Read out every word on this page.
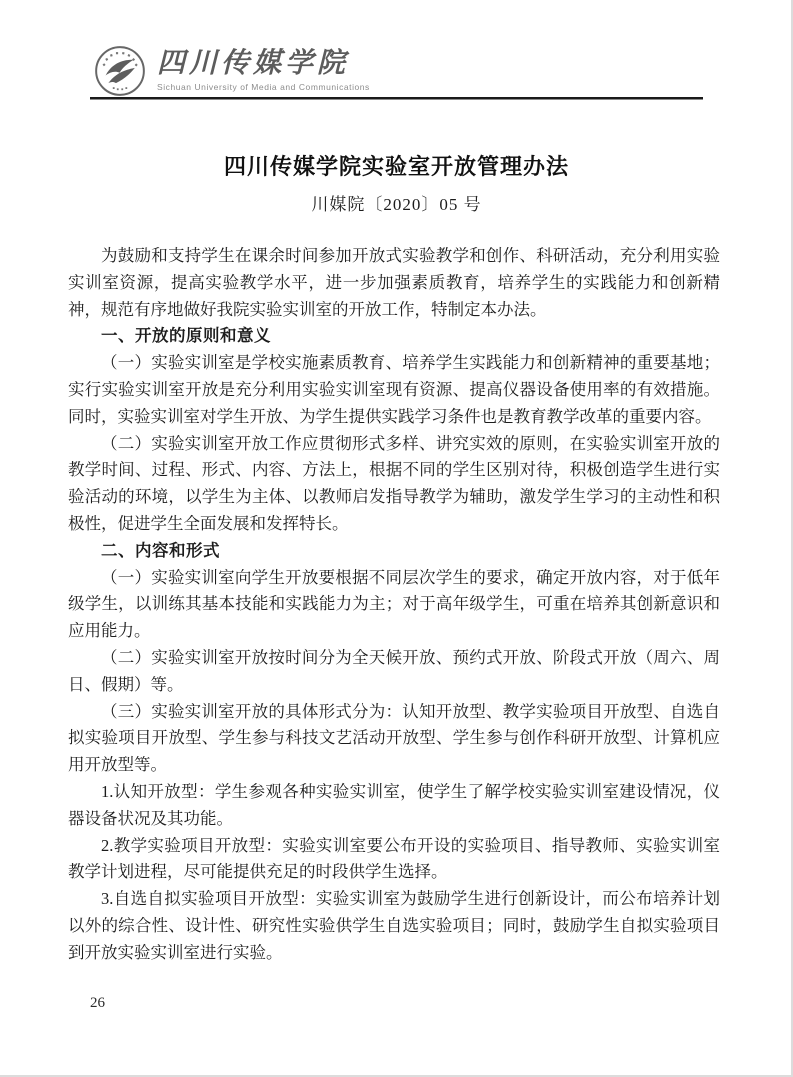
四川传媒学院
Sichuan University of Media and Communications
四川传媒学院实验室开放管理办法
川媒院〔2020〕05 号

为鼓励和支持学生在课余时间参加开放式实验教学和创作、科研活动，充分利用实验实训室资源，提高实验教学水平，进一步加强素质教育，培养学生的实践能力和创新精神，规范有序地做好我院实验实训室的开放工作，特制定本办法。

一、开放的原则和意义

（一）实验实训室是学校实施素质教育、培养学生实践能力和创新精神的重要基地；实行实验实训室开放是充分利用实验实训室现有资源、提高仪器设备使用率的有效措施。同时，实验实训室对学生开放、为学生提供实践学习条件也是教育教学改革的重要内容。

（二）实验实训室开放工作应贯彻形式多样、讲究实效的原则，在实验实训室开放的教学时间、过程、形式、内容、方法上，根据不同的学生区别对待，积极创造学生进行实验活动的环境，以学生为主体、以教师启发指导教学为辅助，激发学生学习的主动性和积极性，促进学生全面发展和发挥特长。

二、内容和形式

（一）实验实训室向学生开放要根据不同层次学生的要求，确定开放内容，对于低年级学生，以训练其基本技能和实践能力为主；对于高年级学生，可重在培养其创新意识和应用能力。

（二）实验实训室开放按时间分为全天候开放、预约式开放、阶段式开放（周六、周日、假期）等。

（三）实验实训室开放的具体形式分为：认知开放型、教学实验项目开放型、自选自拟实验项目开放型、学生参与科技文艺活动开放型、学生参与创作科研开放型、计算机应用开放型等。

1.认知开放型：学生参观各种实验实训室，使学生了解学校实验实训室建设情况，仪器设备状况及其功能。

2.教学实验项目开放型：实验实训室要公布开设的实验项目、指导教师、实验实训室教学计划进程，尽可能提供充足的时段供学生选择。

3.自选自拟实验项目开放型：实验实训室为鼓励学生进行创新设计，而公布培养计划以外的综合性、设计性、研究性实验供学生自选实验项目；同时，鼓励学生自拟实验项目到开放实验实训室进行实验。

26
